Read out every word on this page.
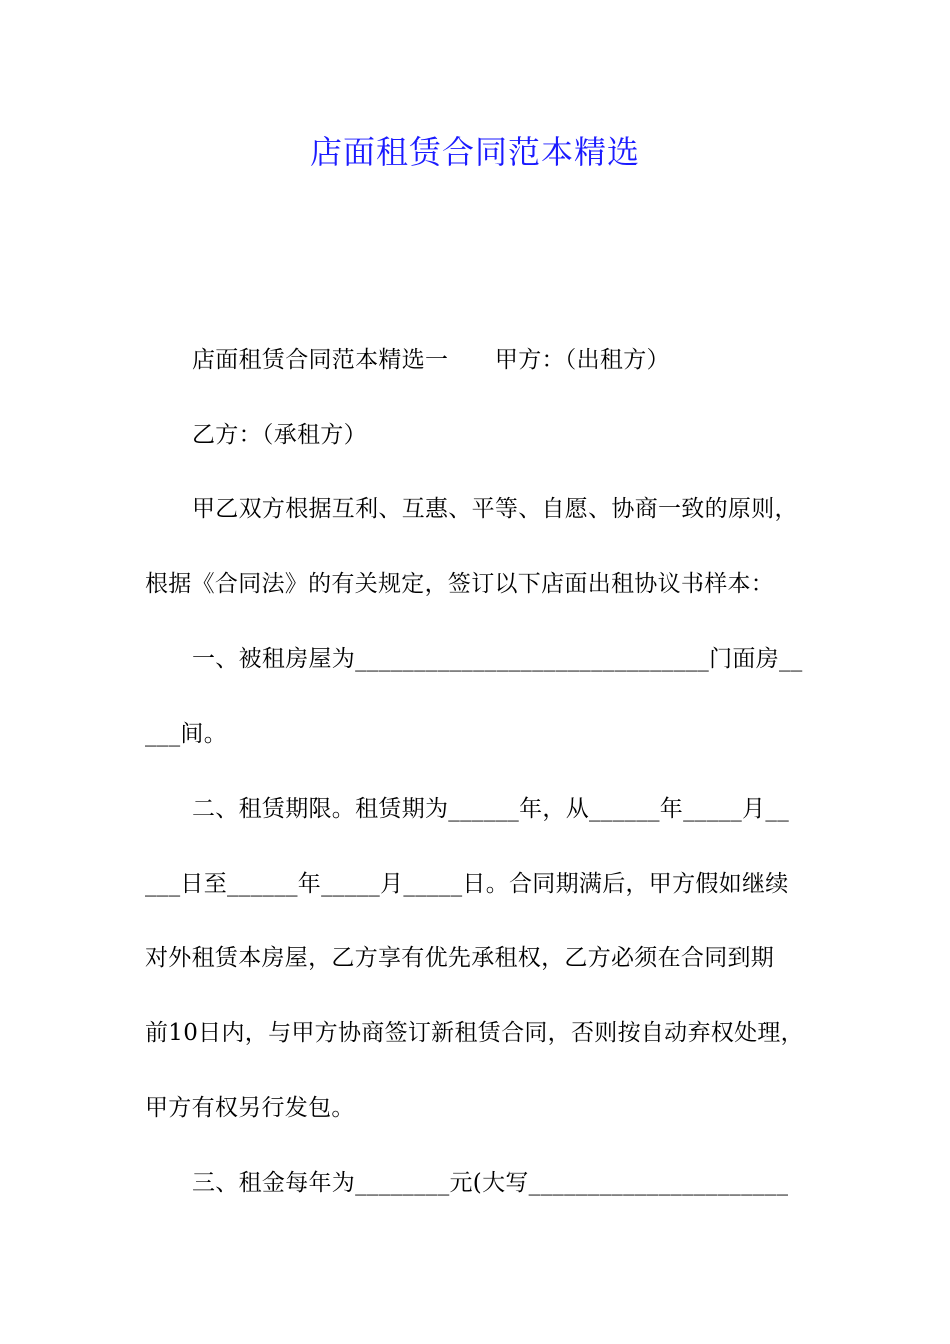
店面租赁合同范本精选
店面租赁合同范本精选一　　甲方：（出租方）
乙方：（承租方）
甲乙双方根据互利、互惠、平等、自愿、协商一致的原则，
根据《合同法》的有关规定，签订以下店面出租协议书样本：
一、被租房屋为______________________________门面房__
___间。
二、租赁期限。租赁期为______年，从______年_____月__
___日至______年_____月_____日。合同期满后，甲方假如继续
对外租赁本房屋，乙方享有优先承租权，乙方必须在合同到期
前10日内，与甲方协商签订新租赁合同，否则按自动弃权处理，
甲方有权另行发包。
三、租金每年为________元(大写______________________
